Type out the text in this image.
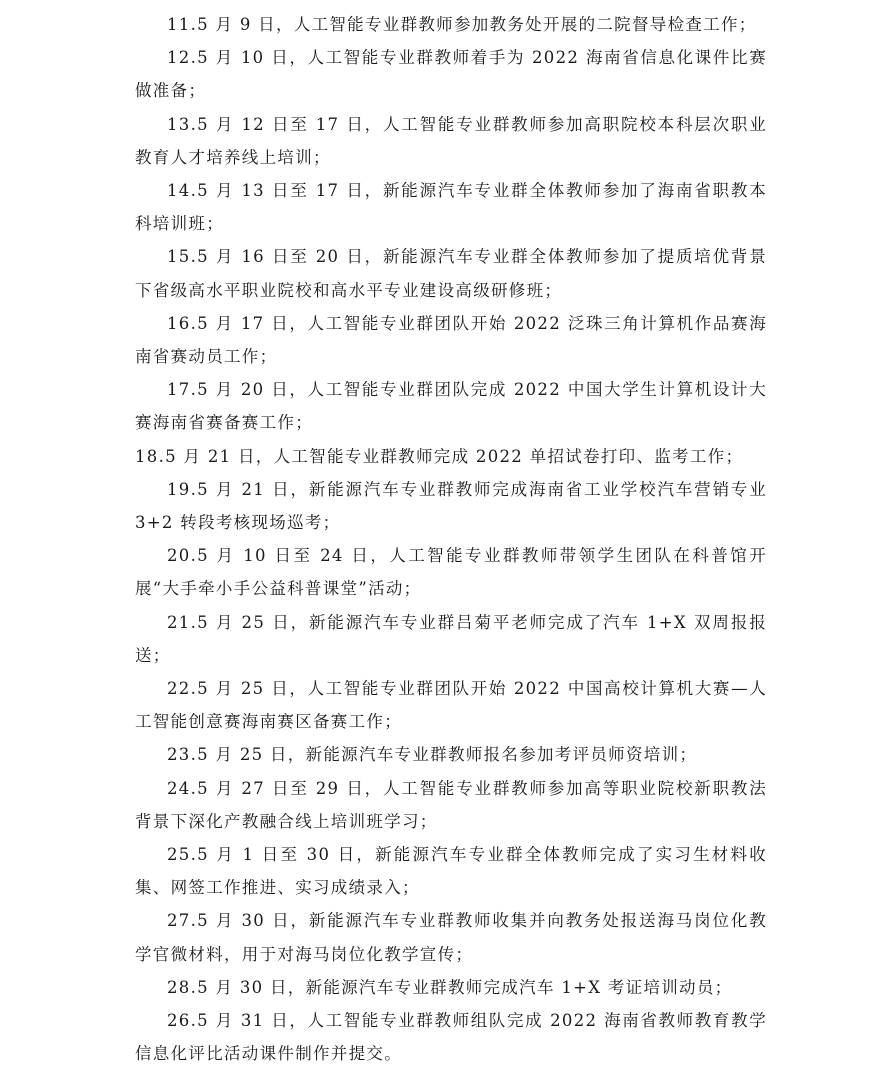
11.5 月 9 日，人工智能专业群教师参加教务处开展的二院督导检查工作；
12.5 月 10 日，人工智能专业群教师着手为 2022 海南省信息化课件比赛做准备；
13.5 月 12 日至 17 日，人工智能专业群教师参加高职院校本科层次职业教育人才培养线上培训；
14.5 月 13 日至 17 日，新能源汽车专业群全体教师参加了海南省职教本科培训班；
15.5 月 16 日至 20 日，新能源汽车专业群全体教师参加了提质培优背景下省级高水平职业院校和高水平专业建设高级研修班；
16.5 月 17 日，人工智能专业群团队开始 2022 泛珠三角计算机作品赛海南省赛动员工作；
17.5 月 20 日，人工智能专业群团队完成 2022 中国大学生计算机设计大赛海南省赛备赛工作；
18.5 月 21 日，人工智能专业群教师完成 2022 单招试卷打印、监考工作；
19.5 月 21 日，新能源汽车专业群教师完成海南省工业学校汽车营销专业 3+2 转段考核现场巡考；
20.5 月 10 日至 24 日，人工智能专业群教师带领学生团队在科普馆开展“大手牵小手公益科普课堂”活动；
21.5 月 25 日，新能源汽车专业群吕菊平老师完成了汽车 1+X 双周报报送；
22.5 月 25 日，人工智能专业群团队开始 2022 中国高校计算机大赛—人工智能创意赛海南赛区备赛工作；
23.5 月 25 日，新能源汽车专业群教师报名参加考评员师资培训；
24.5 月 27 日至 29 日，人工智能专业群教师参加高等职业院校新职教法背景下深化产教融合线上培训班学习；
25.5 月 1 日至 30 日，新能源汽车专业群全体教师完成了实习生材料收集、网签工作推进、实习成绩录入；
27.5 月 30 日，新能源汽车专业群教师收集并向教务处报送海马岗位化教学官微材料，用于对海马岗位化教学宣传；
28.5 月 30 日，新能源汽车专业群教师完成汽车 1+X 考证培训动员；
26.5 月 31 日，人工智能专业群教师组队完成 2022 海南省教师教育教学信息化评比活动课件制作并提交。
